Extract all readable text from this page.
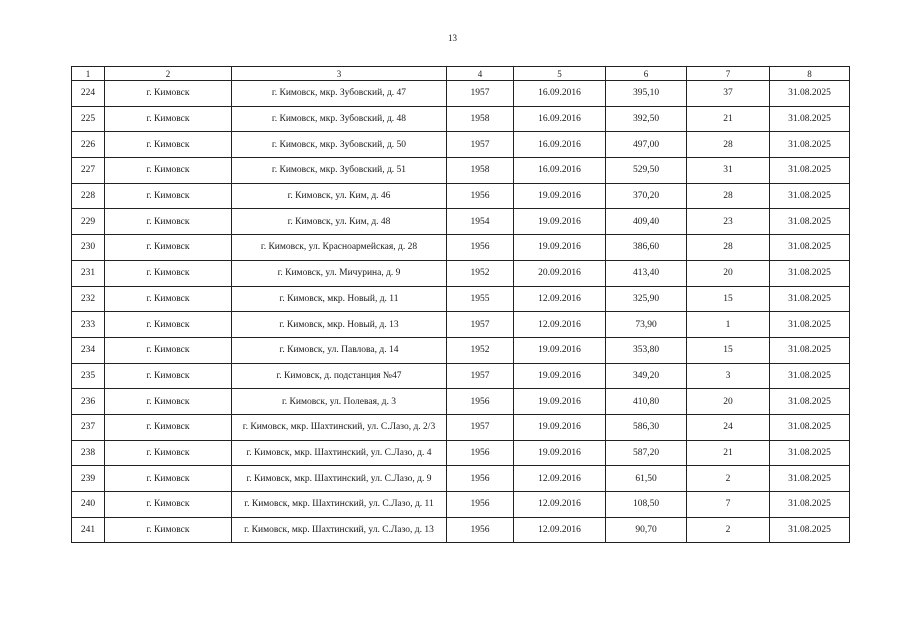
13
1	2	3	4	5	6	7	8
224	г. Кимовск	г. Кимовск, мкр. Зубовский, д. 47	1957	16.09.2016	395,10	37	31.08.2025
225	г. Кимовск	г. Кимовск, мкр. Зубовский, д. 48	1958	16.09.2016	392,50	21	31.08.2025
226	г. Кимовск	г. Кимовск, мкр. Зубовский, д. 50	1957	16.09.2016	497,00	28	31.08.2025
227	г. Кимовск	г. Кимовск, мкр. Зубовский, д. 51	1958	16.09.2016	529,50	31	31.08.2025
228	г. Кимовск	г. Кимовск, ул. Ким, д. 46	1956	19.09.2016	370,20	28	31.08.2025
229	г. Кимовск	г. Кимовск, ул. Ким, д. 48	1954	19.09.2016	409,40	23	31.08.2025
230	г. Кимовск	г. Кимовск, ул. Красноармейская, д. 28	1956	19.09.2016	386,60	28	31.08.2025
231	г. Кимовск	г. Кимовск, ул. Мичурина, д. 9	1952	20.09.2016	413,40	20	31.08.2025
232	г. Кимовск	г. Кимовск, мкр. Новый, д. 11	1955	12.09.2016	325,90	15	31.08.2025
233	г. Кимовск	г. Кимовск, мкр. Новый, д. 13	1957	12.09.2016	73,90	1	31.08.2025
234	г. Кимовск	г. Кимовск, ул. Павлова, д. 14	1952	19.09.2016	353,80	15	31.08.2025
235	г. Кимовск	г. Кимовск, д. подстанция №47	1957	19.09.2016	349,20	3	31.08.2025
236	г. Кимовск	г. Кимовск, ул. Полевая, д. 3	1956	19.09.2016	410,80	20	31.08.2025
237	г. Кимовск	г. Кимовск, мкр. Шахтинский, ул. С.Лазо, д. 2/3	1957	19.09.2016	586,30	24	31.08.2025
238	г. Кимовск	г. Кимовск, мкр. Шахтинский, ул. С.Лазо, д. 4	1956	19.09.2016	587,20	21	31.08.2025
239	г. Кимовск	г. Кимовск, мкр. Шахтинский, ул. С.Лазо, д. 9	1956	12.09.2016	61,50	2	31.08.2025
240	г. Кимовск	г. Кимовск, мкр. Шахтинский, ул. С.Лазо, д. 11	1956	12.09.2016	108,50	7	31.08.2025
241	г. Кимовск	г. Кимовск, мкр. Шахтинский, ул. С.Лазо, д. 13	1956	12.09.2016	90,70	2	31.08.2025
